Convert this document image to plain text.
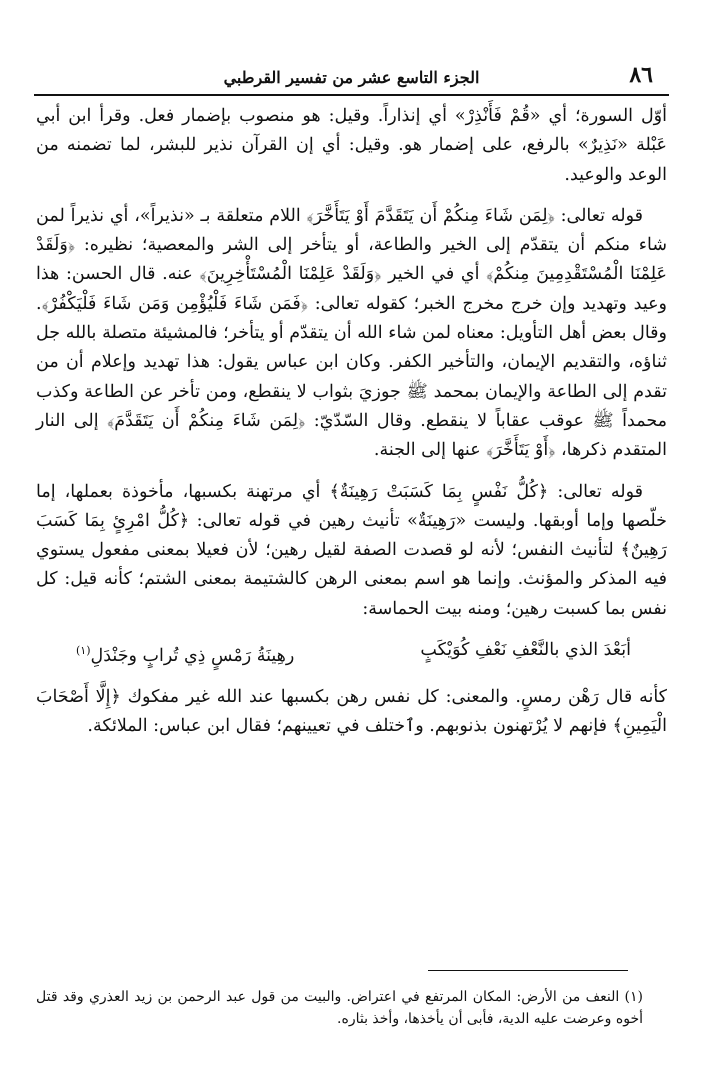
٨٦
الجزء التاسع عشر من تفسير القرطبي

أوّل السورة؛ أي «قُمْ فَأَنْذِرْ» أي إنذاراً. وقيل: هو منصوب بإضمار فعل. وقرأ ابن أبي عَبْلة «نَذِيرٌ» بالرفع، على إضمار هو. وقيل: أي إن القرآن نذير للبشر، لما تضمنه من الوعد والوعيد.

قوله تعالى: ﴿لِمَن شَاءَ مِنكُمْ أَن يَتَقَدَّمَ أَوْ يَتَأَخَّرَ﴾ اللام متعلقة بـ «نذيراً»، أي نذيراً لمن شاء منكم أن يتقدّم إلى الخير والطاعة، أو يتأخر إلى الشر والمعصية؛ نظيره: ﴿وَلَقَدْ عَلِمْنَا الْمُسْتَقْدِمِينَ مِنكُمْ﴾ أي في الخير ﴿وَلَقَدْ عَلِمْنَا الْمُسْتَأْخِرِينَ﴾ عنه. قال الحسن: هذا وعيد وتهديد وإن خرج مخرج الخبر؛ كقوله تعالى: ﴿فَمَن شَاءَ فَلْيُؤْمِن وَمَن شَاءَ فَلْيَكْفُرْ﴾. وقال بعض أهل التأويل: معناه لمن شاء الله أن يتقدّم أو يتأخر؛ فالمشيئة متصلة بالله جل ثناؤه، والتقديم الإيمان، والتأخير الكفر. وكان ابن عباس يقول: هذا تهديد وإعلام أن من تقدم إلى الطاعة والإيمان بمحمد ﷺ جوزيَ بثواب لا ينقطع، ومن تأخر عن الطاعة وكذب محمداً ﷺ عوقب عقاباً لا ينقطع. وقال السّدّيّ: ﴿لِمَن شَاءَ مِنكُمْ أَن يَتَقَدَّمَ﴾ إلى النار المتقدم ذكرها، ﴿أَوْ يَتَأَخَّرَ﴾ عنها إلى الجنة.

قوله تعالى: ﴿كُلُّ نَفْسٍ بِمَا كَسَبَتْ رَهِينَةٌ﴾ أي مرتهنة بكسبها، مأخوذة بعملها، إما خلّصها وإما أوبقها. وليست «رَهِينَةٌ» تأنيث رهين في قوله تعالى: ﴿كُلُّ امْرِئٍ بِمَا كَسَبَ رَهِينٌ﴾ لتأنيث النفس؛ لأنه لو قصدت الصفة لقيل رهين؛ لأن فعيلا بمعنى مفعول يستوي فيه المذكر والمؤنث. وإنما هو اسم بمعنى الرهن كالشتيمة بمعنى الشتم؛ كأنه قيل: كل نفس بما كسبت رهين؛ ومنه بيت الحماسة:

أبَعْدَ الذي بالنَّعْفِ نَعْفِ كُوَيْكَبٍ
رهِينَةُ رَمْسٍ ذِي تُرابٍ وجَنْدَلِ$^{(١)}$

كأنه قال رَهْن رمسٍ. والمعنى: كل نفس رهن بكسبها عند الله غير مفكوك ﴿إِلَّا أَصْحَابَ الْيَمِينِ﴾ فإنهم لا يُرْتهنون بذنوبهم. وٱختلف في تعيينهم؛ فقال ابن عباس: الملائكة.

(١) النعف من الأرض: المكان المرتفع في اعتراض. والبيت من قول عبد الرحمن بن زيد العذري وقد قتل أخوه وعرضت عليه الدية، فأبى أن يأخذها، وأخذ بثاره.
